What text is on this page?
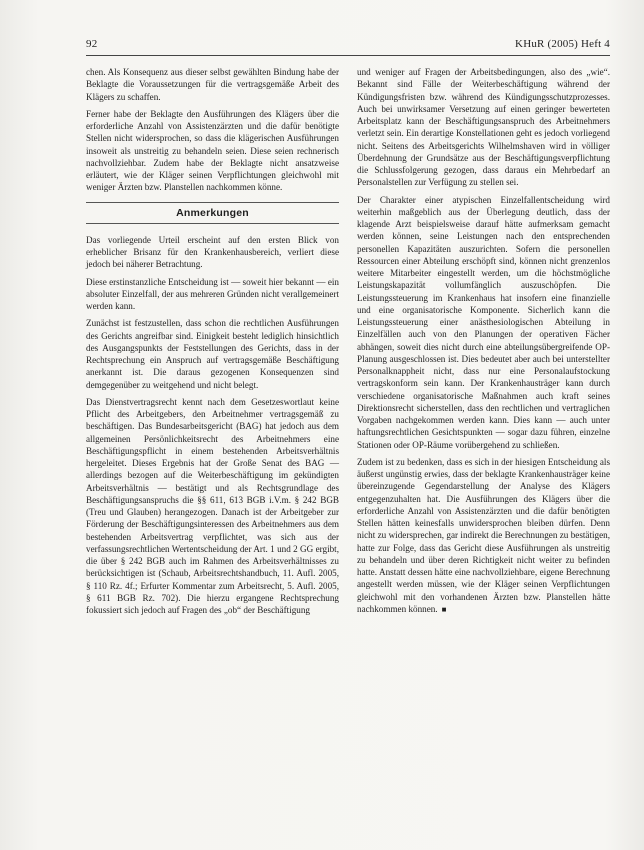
92	KHuR (2005) Heft 4

chen. Als Konsequenz aus dieser selbst gewählten Bindung habe der Beklagte die Voraussetzungen für die vertragsgemäße Arbeit des Klägers zu schaffen.

Ferner habe der Beklagte den Ausführungen des Klägers über die erforderliche Anzahl von Assistenzärzten und die dafür benötigte Stellen nicht widersprochen, so dass die klägerischen Ausführungen insoweit als unstreitig zu behandeln seien. Diese seien rechnerisch nachvollziehbar. Zudem habe der Beklagte nicht ansatzweise erläutert, wie der Kläger seinen Verpflichtungen gleichwohl mit weniger Ärzten bzw. Planstellen nachkommen könne.

Anmerkungen

Das vorliegende Urteil erscheint auf den ersten Blick von erheblicher Brisanz für den Krankenhausbereich, verliert diese jedoch bei näherer Betrachtung.

Diese erstinstanzliche Entscheidung ist — soweit hier bekannt — ein absoluter Einzelfall, der aus mehreren Gründen nicht verallgemeinert werden kann.

Zunächst ist festzustellen, dass schon die rechtlichen Ausführungen des Gerichts angreifbar sind. Einigkeit besteht lediglich hinsichtlich des Ausgangspunkts der Feststellungen des Gerichts, dass in der Rechtsprechung ein Anspruch auf vertragsgemäße Beschäftigung anerkannt ist. Die daraus gezogenen Konsequenzen sind demgegenüber zu weitgehend und nicht belegt.

Das Dienstvertragsrecht kennt nach dem Gesetzeswortlaut keine Pflicht des Arbeitgebers, den Arbeitnehmer vertragsgemäß zu beschäftigen. Das Bundesarbeitsgericht (BAG) hat jedoch aus dem allgemeinen Persönlichkeitsrecht des Arbeitnehmers eine Beschäftigungspflicht in einem bestehenden Arbeitsverhältnis hergeleitet. Dieses Ergebnis hat der Große Senat des BAG — allerdings bezogen auf die Weiterbeschäftigung im gekündigten Arbeitsverhältnis — bestätigt und als Rechtsgrundlage des Beschäftigungsanspruchs die §§ 611, 613 BGB i.V.m. § 242 BGB (Treu und Glauben) herangezogen. Danach ist der Arbeitgeber zur Förderung der Beschäftigungsinteressen des Arbeitnehmers aus dem bestehenden Arbeitsvertrag verpflichtet, was sich aus der verfassungsrechtlichen Wertentscheidung der Art. 1 und 2 GG ergibt, die über § 242 BGB auch im Rahmen des Arbeitsverhältnisses zu berücksichtigen ist (Schaub, Arbeitsrechtshandbuch, 11. Aufl. 2005, § 110 Rz. 4f.; Erfurter Kommentar zum Arbeitsrecht, 5. Aufl. 2005, § 611 BGB Rz. 702). Die hierzu ergangene Rechtsprechung fokussiert sich jedoch auf Fragen des „ob“ der Beschäftigung

und weniger auf Fragen der Arbeitsbedingungen, also des „wie“. Bekannt sind Fälle der Weiterbeschäftigung während der Kündigungsfristen bzw. während des Kündigungsschutzprozesses. Auch bei unwirksamer Versetzung auf einen geringer bewerteten Arbeitsplatz kann der Beschäftigungsanspruch des Arbeitnehmers verletzt sein. Ein derartige Konstellationen geht es jedoch vorliegend nicht. Seitens des Arbeitsgerichts Wilhelmshaven wird in völliger Überdehnung der Grundsätze aus der Beschäftigungsverpflichtung die Schlussfolgerung gezogen, dass daraus ein Mehrbedarf an Personalstellen zur Verfügung zu stellen sei.

Der Charakter einer atypischen Einzelfallentscheidung wird weiterhin maßgeblich aus der Überlegung deutlich, dass der klagende Arzt beispielsweise darauf hätte aufmerksam gemacht werden können, seine Leistungen nach den entsprechenden personellen Kapazitäten auszurichten. Sofern die personellen Ressourcen einer Abteilung erschöpft sind, können nicht grenzenlos weitere Mitarbeiter eingestellt werden, um die höchstmögliche Leistungskapazität vollumfänglich auszuschöpfen. Die Leistungssteuerung im Krankenhaus hat insofern eine finanzielle und eine organisatorische Komponente. Sicherlich kann die Leistungssteuerung einer anästhesiologischen Abteilung in Einzelfällen auch von den Planungen der operativen Fächer abhängen, soweit dies nicht durch eine abteilungsübergreifende OP-Planung ausgeschlossen ist. Dies bedeutet aber auch bei unterstellter Personalknappheit nicht, dass nur eine Personalaufstockung vertragskonform sein kann. Der Krankenhausträger kann durch verschiedene organisatorische Maßnahmen auch kraft seines Direktionsrecht sicherstellen, dass den rechtlichen und vertraglichen Vorgaben nachgekommen werden kann. Dies kann — auch unter haftungsrechtlichen Gesichtspunkten — sogar dazu führen, einzelne Stationen oder OP-Räume vorübergehend zu schließen.

Zudem ist zu bedenken, dass es sich in der hiesigen Entscheidung als äußerst ungünstig erwies, dass der beklagte Krankenhausträger keine übereinzugende Gegendarstellung der Analyse des Klägers entgegenzuhalten hat. Die Ausführungen des Klägers über die erforderliche Anzahl von Assistenzärzten und die dafür benötigten Stellen hätten keinesfalls unwidersprochen bleiben dürfen. Denn nicht zu widersprechen, gar indirekt die Berechnungen zu bestätigen, hatte zur Folge, dass das Gericht diese Ausführungen als unstreitig zu behandeln und über deren Richtigkeit nicht weiter zu befinden hatte. Anstatt dessen hätte eine nachvollziehbare, eigene Berechnung angestellt werden müssen, wie der Kläger seinen Verpflichtungen gleichwohl mit den vorhandenen Ärzten bzw. Planstellen hätte nachkommen können. ■
